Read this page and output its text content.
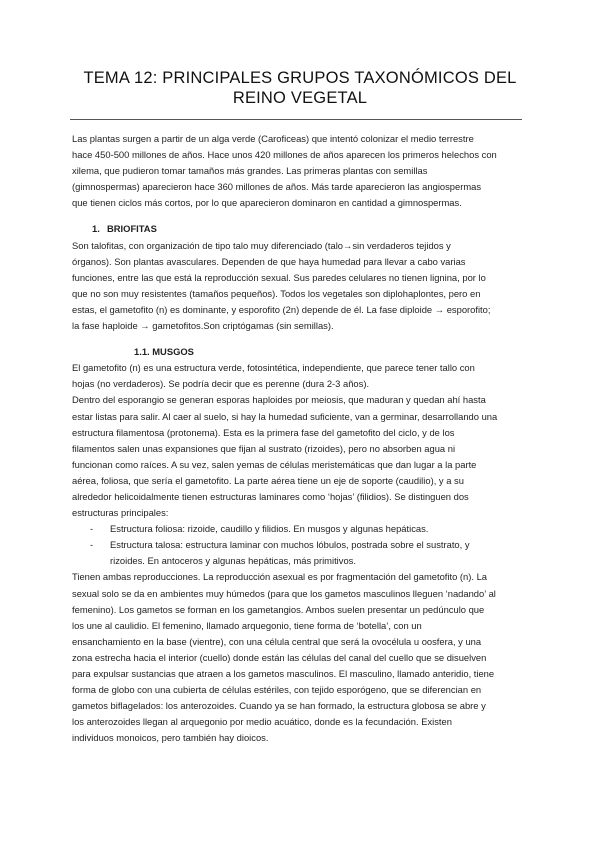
TEMA 12: PRINCIPALES GRUPOS TAXONÓMICOS DEL
REINO VEGETAL

Las plantas surgen a partir de un alga verde (Caroficeas) que intentó colonizar el medio terrestre
hace 450-500 millones de años. Hace unos 420 millones de años aparecen los primeros helechos con
xilema, que pudieron tomar tamaños más grandes. Las primeras plantas con semillas
(gimnospermas) aparecieron hace 360 millones de años. Más tarde aparecieron las angiospermas
que tienen ciclos más cortos, por lo que aparecieron dominaron en cantidad a gimnospermas.

1. BRIOFITAS

Son talofitas, con organización de tipo talo muy diferenciado (talo→sin verdaderos tejidos y
órganos). Son plantas avasculares. Dependen de que haya humedad para llevar a cabo varias
funciones, entre las que está la reproducción sexual. Sus paredes celulares no tienen lignina, por lo
que no son muy resistentes (tamaños pequeños). Todos los vegetales son diplohaplontes, pero en
estas, el gametofito (n) es dominante, y esporofito (2n) depende de él. La fase diploide → esporofito;
la fase haploide → gametofitos.Son criptógamas (sin semillas).

1.1. MUSGOS

El gametofito (n) es una estructura verde, fotosintética, independiente, que parece tener tallo con
hojas (no verdaderos). Se podría decir que es perenne (dura 2-3 años).
Dentro del esporangio se generan esporas haploides por meiosis, que maduran y quedan ahí hasta
estar listas para salir. Al caer al suelo, si hay la humedad suficiente, van a germinar, desarrollando una
estructura filamentosa (protonema). Esta es la primera fase del gametofito del ciclo, y de los
filamentos salen unas expansiones que fijan al sustrato (rizoides), pero no absorben agua ni
funcionan como raíces. A su vez, salen yemas de células meristemáticas que dan lugar a la parte
aérea, foliosa, que sería el gametofito. La parte aérea tiene un eje de soporte (caudilio), y a su
alrededor helicoidalmente tienen estructuras laminares como ‘hojas’ (filidios). Se distinguen dos
estructuras principales:

- Estructura foliosa: rizoide, caudillo y filidios. En musgos y algunas hepáticas.
- Estructura talosa: estructura laminar con muchos lóbulos, postrada sobre el sustrato, y
rizoides. En antoceros y algunas hepáticas, más primitivos.

Tienen ambas reproducciones. La reproducción asexual es por fragmentación del gametofito (n). La
sexual solo se da en ambientes muy húmedos (para que los gametos masculinos lleguen ‘nadando’ al
femenino). Los gametos se forman en los gametangios. Ambos suelen presentar un pedúnculo que
los une al caulidio. El femenino, llamado arquegonio, tiene forma de ‘botella’, con un
ensanchamiento en la base (vientre), con una célula central que será la ovocélula u oosfera, y una
zona estrecha hacia el interior (cuello) donde están las células del canal del cuello que se disuelven
para expulsar sustancias que atraen a los gametos masculinos. El masculino, llamado anteridio, tiene
forma de globo con una cubierta de células estériles, con tejido esporógeno, que se diferencian en
gametos biflagelados: los anterozoides. Cuando ya se han formado, la estructura globosa se abre y
los anterozoides llegan al arquegonio por medio acuático, donde es la fecundación. Existen
individuos monoicos, pero también hay dioicos.
